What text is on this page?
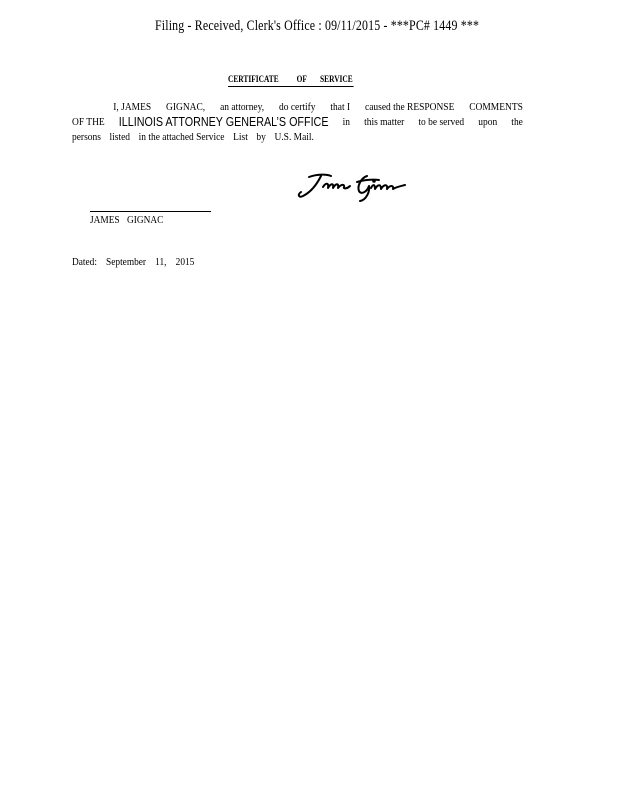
Filing - Received, Clerk's Office : 09/11/2015 - ***PC# 1449 ***
CERTIFICATE OF SERVICE
I, JAMES GIGNAC, an attorney, do certify that I caused the RESPONSE COMMENTS
OF THE ILLINOIS ATTORNEY GENERAL’S OFFICE in this matter to be served upon the
persons listed in the attached Service List by U.S. Mail.
JAMES GIGNAC
Dated: September 11, 2015
